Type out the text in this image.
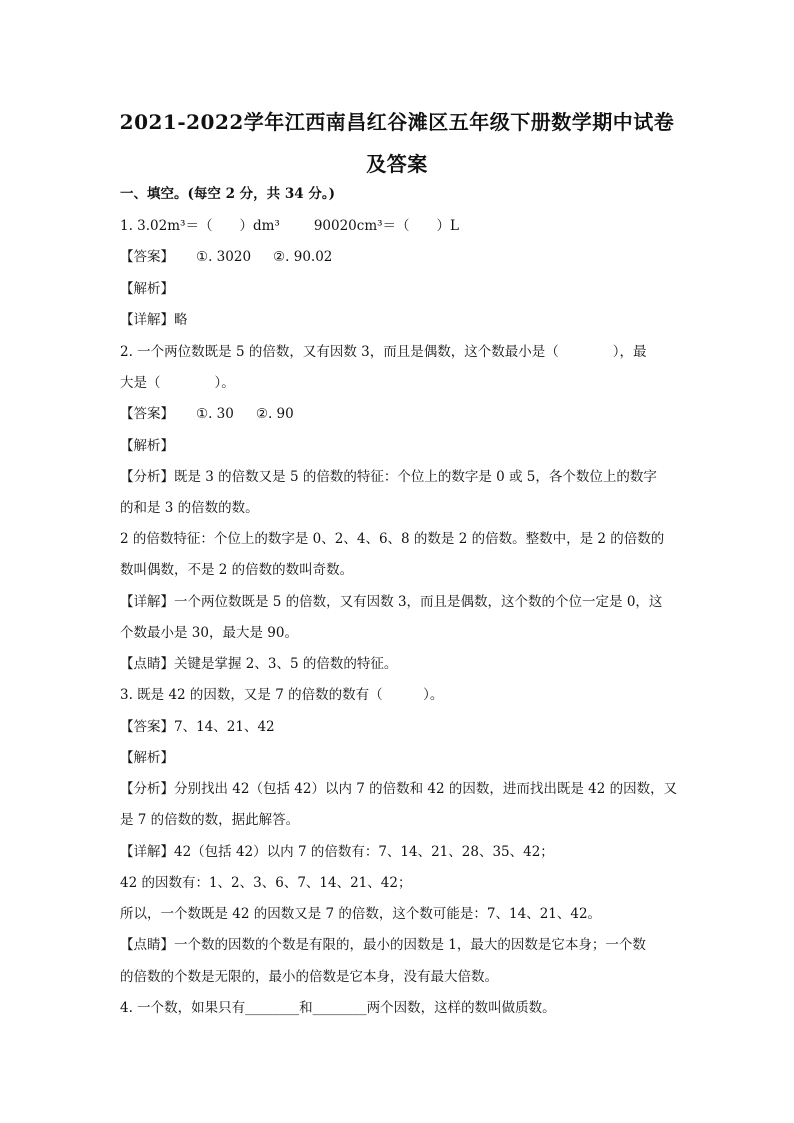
2021-2022学年江西南昌红谷滩区五年级下册数学期中试卷
及答案
一、填空。(每空 2 分，共 34 分。)
1. 3.02m³＝（　　）dm³	90020cm³＝（　　）L
【答案】 ①. 3020 ②. 90.02
【解析】
【详解】略
2. 一个两位数既是 5 的倍数，又有因数 3，而且是偶数，这个数最小是（　　　　），最
大是（　　　　）。
【答案】 ①. 30 ②. 90
【解析】
【分析】既是 3 的倍数又是 5 的倍数的特征：个位上的数字是 0 或 5，各个数位上的数字
的和是 3 的倍数的数。
2 的倍数特征：个位上的数字是 0、2、4、6、8 的数是 2 的倍数。整数中，是 2 的倍数的
数叫偶数，不是 2 的倍数的数叫奇数。
【详解】一个两位数既是 5 的倍数，又有因数 3，而且是偶数，这个数的个位一定是 0，这
个数最小是 30，最大是 90。
【点睛】关键是掌握 2、3、5 的倍数的特征。
3. 既是 42 的因数，又是 7 的倍数的数有（　　　）。
【答案】7、14、21、42
【解析】
【分析】分别找出 42（包括 42）以内 7 的倍数和 42 的因数，进而找出既是 42 的因数，又
是 7 的倍数的数，据此解答。
【详解】42（包括 42）以内 7 的倍数有：7、14、21、28、35、42；
42 的因数有：1、2、3、6、7、14、21、42；
所以，一个数既是 42 的因数又是 7 的倍数，这个数可能是：7、14、21、42。
【点睛】一个数的因数的个数是有限的，最小的因数是 1，最大的因数是它本身；一个数
的倍数的个数是无限的，最小的倍数是它本身，没有最大倍数。
4. 一个数，如果只有________和________两个因数，这样的数叫做质数。
